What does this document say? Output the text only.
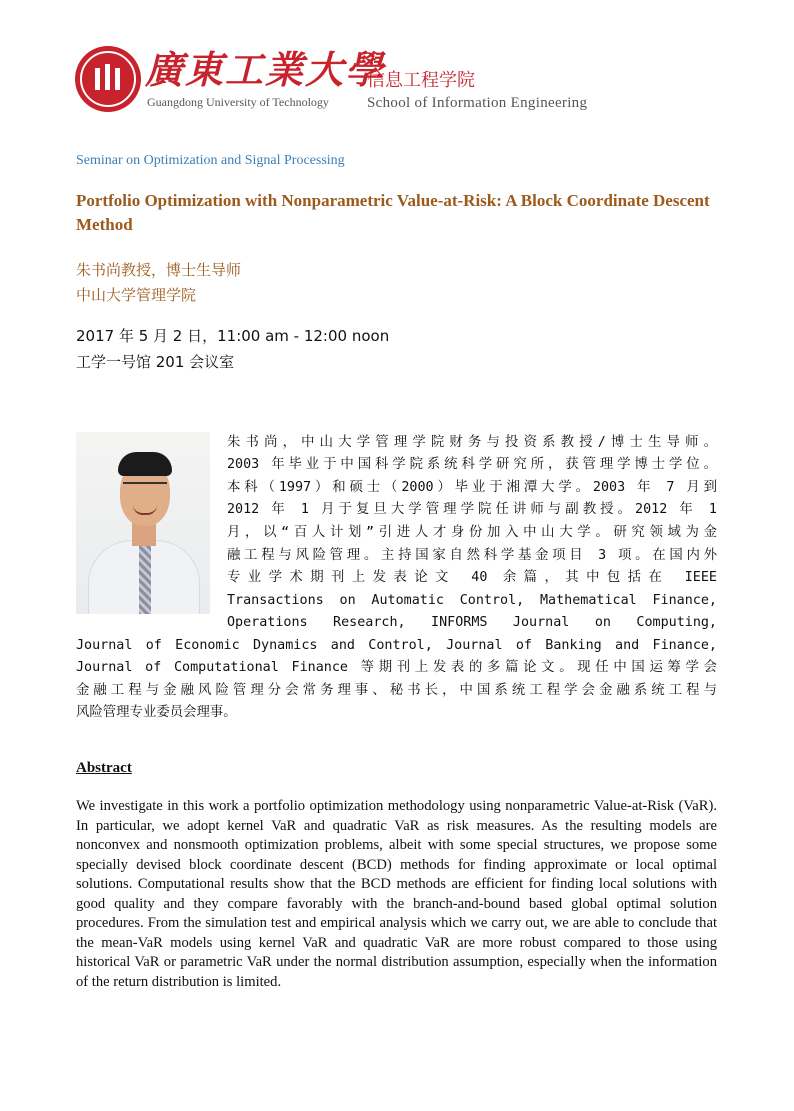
廣東工業大學
Guangdong University of Technology
信息工程学院
School of Information Engineering
Seminar on Optimization and Signal Processing
Portfolio Optimization with Nonparametric Value-at-Risk: A Block Coordinate Descent Method
朱书尚教授，博士生导师
中山大学管理学院
2017 年 5 月 2 日，11:00 am - 12:00 noon
工学一号馆 201 会议室
朱书尚，中山大学管理学院财务与投资系教授/博士生导师。
2003 年毕业于中国科学院系统科学研究所，获管理学博士学位。
本科（1997）和硕士（2000）毕业于湘潭大学。2003 年 7 月到
2012 年 1 月于复旦大学管理学院任讲师与副教授。2012 年 1
月，以“百人计划”引进人才身份加入中山大学。研究领域为金
融工程与风险管理。主持国家自然科学基金项目 3 项。在国内外
专业学术期刊上发表论文 40 余篇，其中包括在 IEEE
Transactions on Automatic Control, Mathematical Finance,
Operations Research, INFORMS Journal on Computing,
Journal of Economic Dynamics and Control, Journal of Banking and Finance,
Journal of Computational Finance 等期刊上发表的多篇论文。现任中国运筹学会
金融工程与金融风险管理分会常务理事、秘书长，中国系统工程学会金融系统工程与
风险管理专业委员会理事。
Abstract
We investigate in this work a portfolio optimization methodology using nonparametric Value-at-Risk (VaR). In particular, we adopt kernel VaR and quadratic VaR as risk measures. As the resulting models are nonconvex and nonsmooth optimization problems, albeit with some special structures, we propose some specially devised block coordinate descent (BCD) methods for finding approximate or local optimal solutions. Computational results show that the BCD methods are efficient for finding local solutions with good quality and they compare favorably with the branch-and-bound based global optimal solution procedures. From the simulation test and empirical analysis which we carry out, we are able to conclude that the mean-VaR models using kernel VaR and quadratic VaR are more robust compared to those using historical VaR or parametric VaR under the normal distribution assumption, especially when the information of the return distribution is limited.
